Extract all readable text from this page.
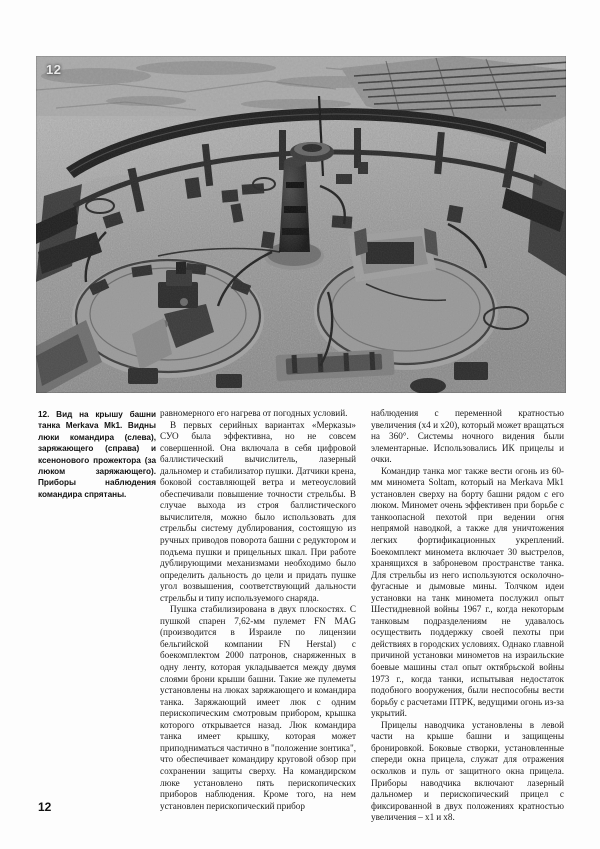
12
12. Вид на крышу башни танка Merkava Mk1. Видны люки командира (слева), заряжающего (справа) и ксенонового прожектора (за люком заряжающего). Приборы наблюдения командира спрятаны.

равномерного его нагрева от погодных условий.

В первых серийных вариантах «Мерказы» СУО была эффективна, но не совсем совершенной. Она включала в себя цифровой баллистический вычислитель, лазерный дальномер и стабилизатор пушки. Датчики крена, боковой составляющей ветра и метеоусловий обеспечивали повышение точности стрельбы. В случае выхода из строя баллистического вычислителя, можно было использовать для стрельбы систему дублирования, состоящую из ручных приводов поворота башни с редуктором и подъема пушки и прицельных шкал. При работе дублирующими механизмами необходимо было определить дальность до цели и придать пушке угол возвышения, соответствующий дальности стрельбы и типу используемого снаряда.

Пушка стабилизирована в двух плоскостях. С пушкой спарен 7,62-мм пулемет FN MAG (производится в Израиле по лицензии бельгийской компании FN Herstal) с боекомплектом 2000 патронов, снаряженных в одну ленту, которая укладывается между двумя слоями брони крыши башни. Такие же пулеметы установлены на люках заряжающего и командира танка. Заряжающий имеет люк с одним перископическим смотровым прибором, крышка которого открывается назад. Люк командира танка имеет крышку, которая может приподниматься частично в "положение зонтика", что обеспечивает командиру круговой обзор при сохранении защиты сверху. На командирском люке установлено пять перископических приборов наблюдения. Кроме того, на нем установлен перископический прибор

наблюдения с переменной кратностью увеличения (х4 и х20), который может вращаться на 360°. Системы ночного видения были элементарные. Использовались ИК прицелы и очки.

Командир танка мог также вести огонь из 60-мм миномета Soltam, который на Merkava Mk1 установлен сверху на борту башни рядом с его люком. Миномет очень эффективен при борьбе с танкоопасной пехотой при ведении огня непрямой наводкой, а также для уничтожения легких фортификационных укреплений. Боекомплект миномета включает 30 выстрелов, хранящихся в заброневом пространстве танка. Для стрельбы из него используются осколочно-фугасные и дымовые мины. Толчком идеи установки на танк миномета послужил опыт Шестидневной войны 1967 г., когда некоторым танковым подразделениям не удавалось осуществить поддержку своей пехоты при действиях в городских условиях. Однако главной причиной установки минометов на израильские боевые машины стал опыт октябрьской войны 1973 г., когда танки, испытывая недостаток подобного вооружения, были неспособны вести борьбу с расчетами ПТРК, ведущими огонь из-за укрытий.

Прицелы наводчика установлены в левой части на крыше башни и защищены бронировкой. Боковые створки, установленные спереди окна прицела, служат для отражения осколков и пуль от защитного окна прицела. Приборы наводчика включают лазерный дальномер и перископический прицел с фиксированной в двух положениях кратностью увеличения – х1 и х8.

12
